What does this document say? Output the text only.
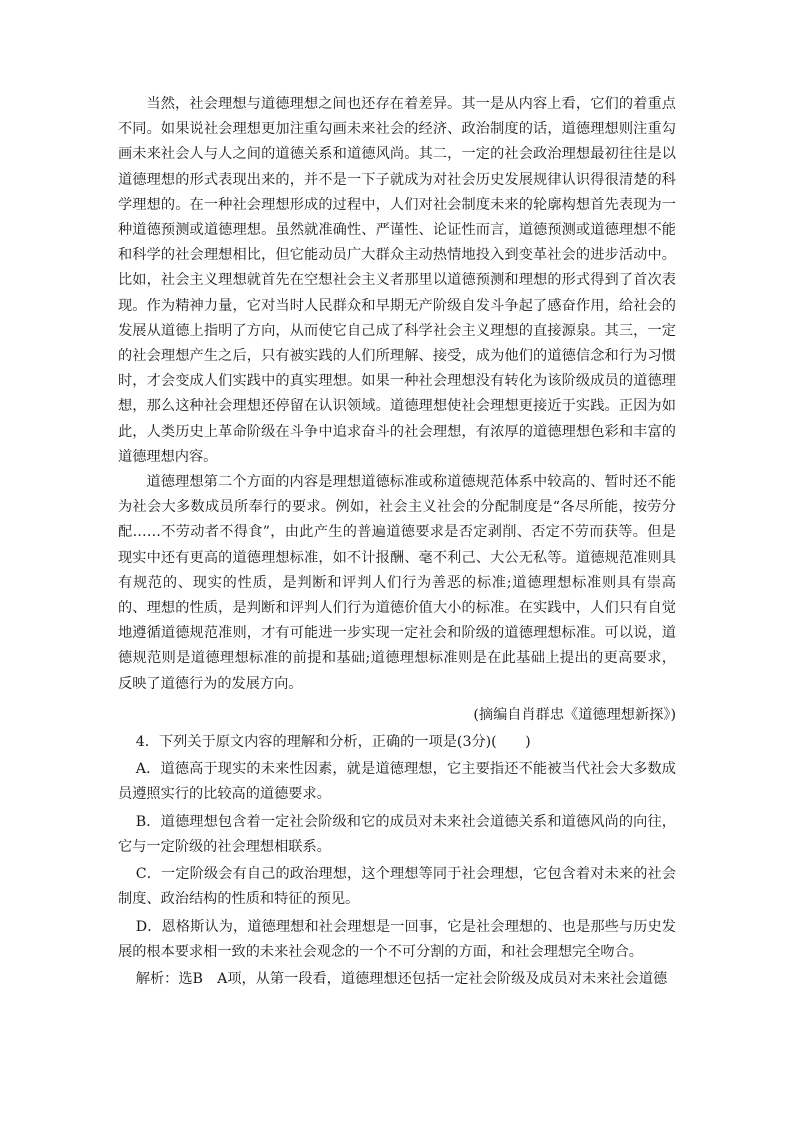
当然，社会理想与道德理想之间也还存在着差异。其一是从内容上看，它们的着重点不同。如果说社会理想更加注重勾画未来社会的经济、政治制度的话，道德理想则注重勾画未来社会人与人之间的道德关系和道德风尚。其二，一定的社会政治理想最初往往是以道德理想的形式表现出来的，并不是一下子就成为对社会历史发展规律认识得很清楚的科学理想的。在一种社会理想形成的过程中，人们对社会制度未来的轮廓构想首先表现为一种道德预测或道德理想。虽然就准确性、严谨性、论证性而言，道德预测或道德理想不能和科学的社会理想相比，但它能动员广大群众主动热情地投入到变革社会的进步活动中。比如，社会主义理想就首先在空想社会主义者那里以道德预测和理想的形式得到了首次表现。作为精神力量，它对当时人民群众和早期无产阶级自发斗争起了感奋作用，给社会的发展从道德上指明了方向，从而使它自己成了科学社会主义理想的直接源泉。其三，一定的社会理想产生之后，只有被实践的人们所理解、接受，成为他们的道德信念和行为习惯时，才会变成人们实践中的真实理想。如果一种社会理想没有转化为该阶级成员的道德理想，那么这种社会理想还停留在认识领域。道德理想使社会理想更接近于实践。正因为如此，人类历史上革命阶级在斗争中追求奋斗的社会理想，有浓厚的道德理想色彩和丰富的道德理想内容。

道德理想第二个方面的内容是理想道德标准或称道德规范体系中较高的、暂时还不能为社会大多数成员所奉行的要求。例如，社会主义社会的分配制度是“各尽所能，按劳分配……不劳动者不得食”，由此产生的普遍道德要求是否定剥削、否定不劳而获等。但是现实中还有更高的道德理想标准，如不计报酬、毫不利己、大公无私等。道德规范准则具有规范的、现实的性质，是判断和评判人们行为善恶的标准;道德理想标准则具有崇高的、理想的性质，是判断和评判人们行为道德价值大小的标准。在实践中，人们只有自觉地遵循道德规范准则，才有可能进一步实现一定社会和阶级的道德理想标准。可以说，道德规范则是道德理想标准的前提和基础;道德理想标准则是在此基础上提出的更高要求，反映了道德行为的发展方向。

(摘编自肖群忠《道德理想新探》)

4．下列关于原文内容的理解和分析，正确的一项是(3分)(　　)

A．道德高于现实的未来性因素，就是道德理想，它主要指还不能被当代社会大多数成员遵照实行的比较高的道德要求。

B．道德理想包含着一定社会阶级和它的成员对未来社会道德关系和道德风尚的向往，它与一定阶级的社会理想相联系。

C．一定阶级会有自己的政治理想，这个理想等同于社会理想，它包含着对未来的社会制度、政治结构的性质和特征的预见。

D．恩格斯认为，道德理想和社会理想是一回事，它是社会理想的、也是那些与历史发展的根本要求相一致的未来社会观念的一个不可分割的方面，和社会理想完全吻合。

解析：选B　A项，从第一段看，道德理想还包括一定社会阶级及成员对未来社会道德
